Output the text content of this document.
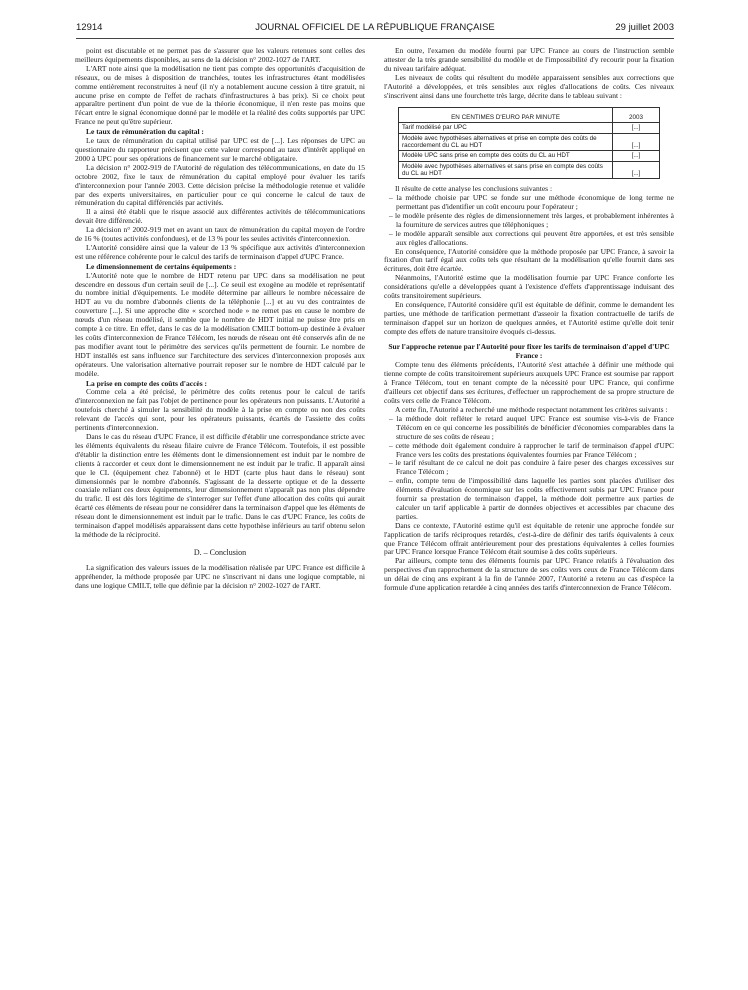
12914	JOURNAL OFFICIEL DE LA RÉPUBLIQUE FRANÇAISE	29 juillet 2003

point est discutable et ne permet pas de s'assurer que les valeurs retenues sont celles des meilleurs équipements disponibles, au sens de la décision n° 2002-1027 de l'ART.

L'ART note ainsi que la modélisation ne tient pas compte des opportunités d'acquisition de réseaux, ou de mises à disposition de tranchées, toutes les infrastructures étant modélisées comme entièrement reconstruites à neuf (il n'y a notablement aucune cession à titre gratuit, ni aucune prise en compte de l'effet de rachats d'infrastructures à bas prix). Si ce choix peut apparaître pertinent d'un point de vue de la théorie économique, il n'en reste pas moins que l'écart entre le signal économique donné par le modèle et la réalité des coûts supportés par UPC France ne peut qu'être supérieur.

Le taux de rémunération du capital :

Le taux de rémunération du capital utilisé par UPC est de [...]. Les réponses de UPC au questionnaire du rapporteur précisent que cette valeur correspond au taux d'intérêt appliqué en 2000 à UPC pour ses opérations de financement sur le marché obligataire.

La décision n° 2002-919 de l'Autorité de régulation des télécommunications, en date du 15 octobre 2002, fixe le taux de rémunération du capital employé pour évaluer les tarifs d'interconnexion pour l'année 2003. Cette décision précise la méthodologie retenue et validée par des experts universitaires, en particulier pour ce qui concerne le calcul de taux de rémunération du capital différenciés par activités.

Il a ainsi été établi que le risque associé aux différentes activités de télécommunications devait être différencié.

La décision n° 2002-919 met en avant un taux de rémunération du capital moyen de l'ordre de 16 % (toutes activités confondues), et de 13 % pour les seules activités d'interconnexion.

L'Autorité considère ainsi que la valeur de 13 % spécifique aux activités d'interconnexion est une référence cohérente pour le calcul des tarifs de terminaison d'appel d'UPC France.

Le dimensionnement de certains équipements :

L'Autorité note que le nombre de HDT retenu par UPC dans sa modélisation ne peut descendre en dessous d'un certain seuil de [...]. Ce seuil est exogène au modèle et représentatif du nombre initial d'équipements. Le modèle détermine par ailleurs le nombre nécessaire de HDT au vu du nombre d'abonnés clients de la téléphonie [...] et au vu des contraintes de couverture [...]. Si une approche dite « scorched node » ne remet pas en cause le nombre de nœuds d'un réseau modélisé, il semble que le nombre de HDT initial ne puisse être pris en compte à ce titre. En effet, dans le cas de la modélisation CMILT bottom-up destinée à évaluer les coûts d'interconnexion de France Télécom, les nœuds de réseau ont été conservés afin de ne pas modifier avant tout le périmètre des services qu'ils permettent de fournir. Le nombre de HDT installés est sans influence sur l'architecture des services d'interconnexion proposés aux opérateurs. Une valorisation alternative pourrait reposer sur le nombre de HDT calculé par le modèle.

La prise en compte des coûts d'accès :

Comme cela a été précisé, le périmètre des coûts retenus pour le calcul de tarifs d'interconnexion ne fait pas l'objet de pertinence pour les opérateurs non puissants. L'Autorité a toutefois cherché à simuler la sensibilité du modèle à la prise en compte ou non des coûts relevant de l'accès qui sont, pour les opérateurs puissants, écartés de l'assiette des coûts pertinents d'interconnexion.

Dans le cas du réseau d'UPC France, il est difficile d'établir une correspondance stricte avec les éléments équivalents du réseau filaire cuivre de France Télécom. Toutefois, il est possible d'établir la distinction entre les éléments dont le dimensionnement est induit par le nombre de clients à raccorder et ceux dont le dimensionnement ne est induit par le trafic. Il apparaît ainsi que le CL (équipement chez l'abonné) et le HDT (carte plus haut dans le réseau) sont dimensionnés par le nombre d'abonnés. S'agissant de la desserte optique et de la desserte coaxiale reliant ces deux équipements, leur dimensionnement n'apparaît pas non plus dépendre du trafic. Il est dès lors légitime de s'interroger sur l'effet d'une allocation des coûts qui aurait écarté ces éléments de réseau pour ne considérer dans la terminaison d'appel que les éléments de réseau dont le dimensionnement est induit par le trafic. Dans le cas d'UPC France, les coûts de terminaison d'appel modélisés apparaissent dans cette hypothèse inférieurs au tarif obtenu selon la méthode de la réciprocité.

D. – Conclusion

La signification des valeurs issues de la modélisation réalisée par UPC France est difficile à appréhender, la méthode proposée par UPC ne s'inscrivant ni dans une logique comptable, ni dans une logique CMILT, telle que définie par la décision n° 2002-1027 de l'ART.

En outre, l'examen du modèle fourni par UPC France au cours de l'instruction semble attester de la très grande sensibilité du modèle et de l'impossibilité d'y recourir pour la fixation du niveau tarifaire adéquat.

Les niveaux de coûts qui résultent du modèle apparaissent sensibles aux corrections que l'Autorité a développées, et très sensibles aux règles d'allocations de coûts. Ces niveaux s'inscrivent ainsi dans une fourchette très large, décrite dans le tableau suivant :

EN CENTIMES D'EURO PAR MINUTE	2003
Tarif modélisé par UPC	[...]
Modèle avec hypothèses alternatives et prise en compte des coûts de raccordement du CL au HDT	[...]
Modèle UPC sans prise en compte des coûts du CL au HDT	[...]
Modèle avec hypothèses alternatives et sans prise en compte des coûts du CL au HDT	[...]

Il résulte de cette analyse les conclusions suivantes :

– la méthode choisie par UPC se fonde sur une méthode économique de long terme ne permettant pas d'identifier un coût encouru pour l'opérateur ;
– le modèle présente des règles de dimensionnement très larges, et probablement inhérentes à la fourniture de services autres que téléphoniques ;
– le modèle apparaît sensible aux corrections qui peuvent être apportées, et est très sensible aux règles d'allocations.

En conséquence, l'Autorité considère que la méthode proposée par UPC France, à savoir la fixation d'un tarif égal aux coûts tels que résultant de la modélisation qu'elle fournit dans ses écritures, doit être écartée.

Néanmoins, l'Autorité estime que la modélisation fournie par UPC France conforte les considérations qu'elle a développées quant à l'existence d'effets d'apprentissage induisant des coûts transitoirement supérieurs.

En conséquence, l'Autorité considère qu'il est équitable de définir, comme le demandent les parties, une méthode de tarification permettant d'asseoir la fixation contractuelle de tarifs de terminaison d'appel sur un horizon de quelques années, et l'Autorité estime qu'elle doit tenir compte des effets de nature transitoire évoqués ci-dessus.

Sur l'approche retenue par l'Autorité pour fixer les tarifs de terminaison d'appel d'UPC France :

Compte tenu des éléments précédents, l'Autorité s'est attachée à définir une méthode qui tienne compte de coûts transitoirement supérieurs auxquels UPC France est soumise par rapport à France Télécom, tout en tenant compte de la nécessité pour UPC France, qui confirme d'ailleurs cet objectif dans ses écritures, d'effectuer un rapprochement de sa propre structure de coûts vers celle de France Télécom.

A cette fin, l'Autorité a recherché une méthode respectant notamment les critères suivants :

– la méthode doit refléter le retard auquel UPC France est soumise vis-à-vis de France Télécom en ce qui concerne les possibilités de bénéficier d'économies comparables dans la structure de ses coûts de réseau ;
– cette méthode doit également conduire à rapprocher le tarif de terminaison d'appel d'UPC France vers les coûts des prestations équivalentes fournies par France Télécom ;
– le tarif résultant de ce calcul ne doit pas conduire à faire peser des charges excessives sur France Télécom ;
– enfin, compte tenu de l'impossibilité dans laquelle les parties sont placées d'utiliser des éléments d'évaluation économique sur les coûts effectivement subis par UPC France pour fournir sa prestation de terminaison d'appel, la méthode doit permettre aux parties de calculer un tarif applicable à partir de données objectives et accessibles par chacune des parties.

Dans ce contexte, l'Autorité estime qu'il est équitable de retenir une approche fondée sur l'application de tarifs réciproques retardés, c'est-à-dire de définir des tarifs équivalents à ceux que France Télécom offrait antérieurement pour des prestations équivalentes à celles fournies par UPC France lorsque France Télécom était soumise à des coûts supérieurs.

Par ailleurs, compte tenu des éléments fournis par UPC France relatifs à l'évaluation des perspectives d'un rapprochement de la structure de ses coûts vers ceux de France Télécom dans un délai de cinq ans expirant à la fin de l'année 2007, l'Autorité a retenu au cas d'espèce la formule d'une application retardée à cinq années des tarifs d'interconnexion de France Télécom.
